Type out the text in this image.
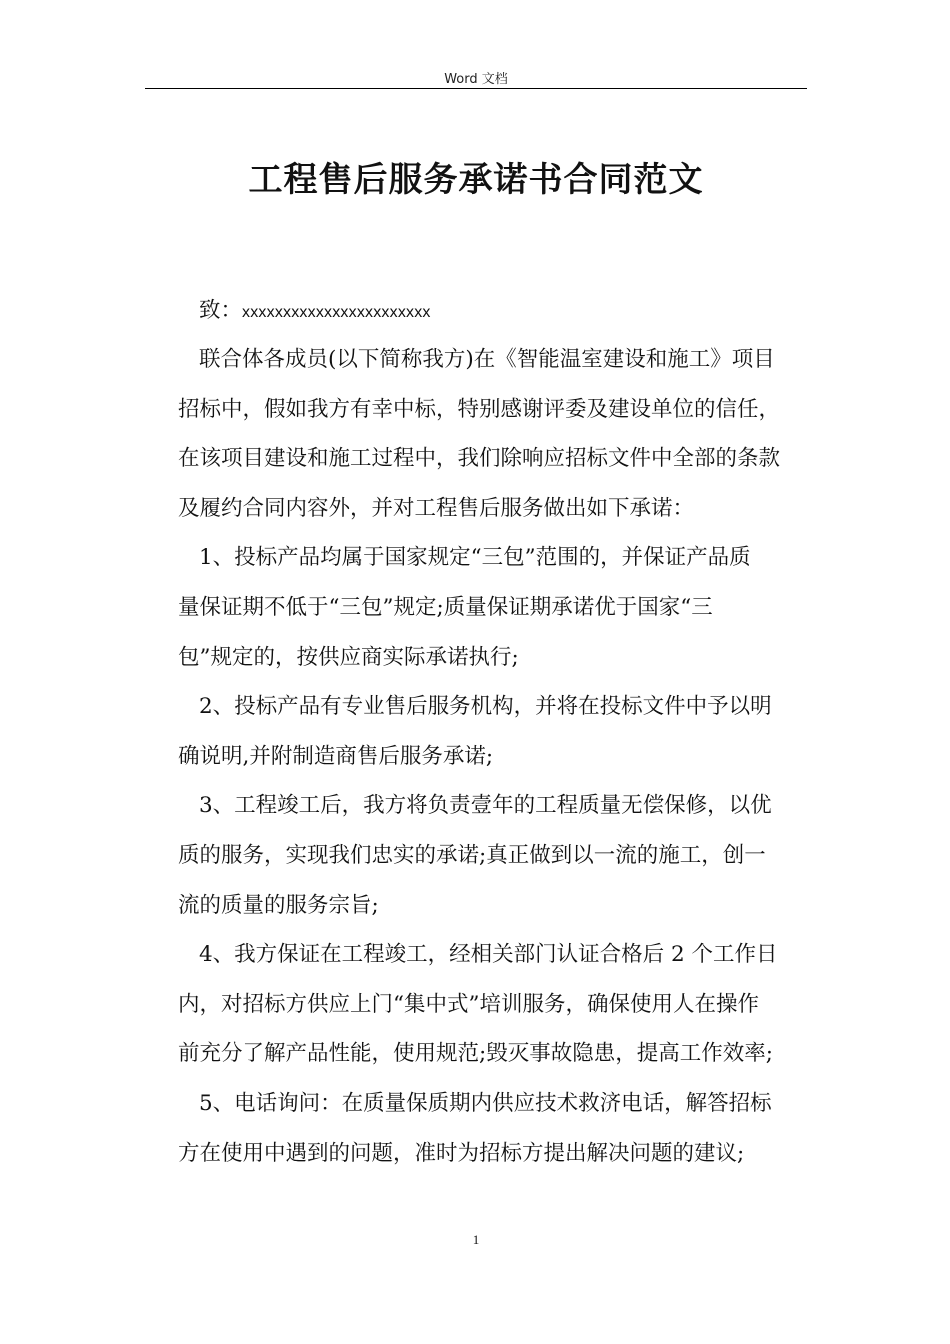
Word 文档
工程售后服务承诺书合同范文
致：xxxxxxxxxxxxxxxxxxxxxxx

联合体各成员(以下简称我方)在《智能温室建设和施工》项目
招标中，假如我方有幸中标，特别感谢评委及建设单位的信任，
在该项目建设和施工过程中，我们除响应招标文件中全部的条款
及履约合同内容外，并对工程售后服务做出如下承诺：

1、投标产品均属于国家规定“三包”范围的，并保证产品质
量保证期不低于“三包”规定;质量保证期承诺优于国家“三
包”规定的，按供应商实际承诺执行;

2、投标产品有专业售后服务机构，并将在投标文件中予以明
确说明,并附制造商售后服务承诺;

3、工程竣工后，我方将负责壹年的工程质量无偿保修，以优
质的服务，实现我们忠实的承诺;真正做到以一流的施工，创一
流的质量的服务宗旨;

4、我方保证在工程竣工，经相关部门认证合格后 2 个工作日
内，对招标方供应上门“集中式”培训服务，确保使用人在操作
前充分了解产品性能，使用规范;毁灭事故隐患，提高工作效率;

5、电话询问：在质量保质期内供应技术救济电话，解答招标
方在使用中遇到的问题，准时为招标方提出解决问题的建议;

1
